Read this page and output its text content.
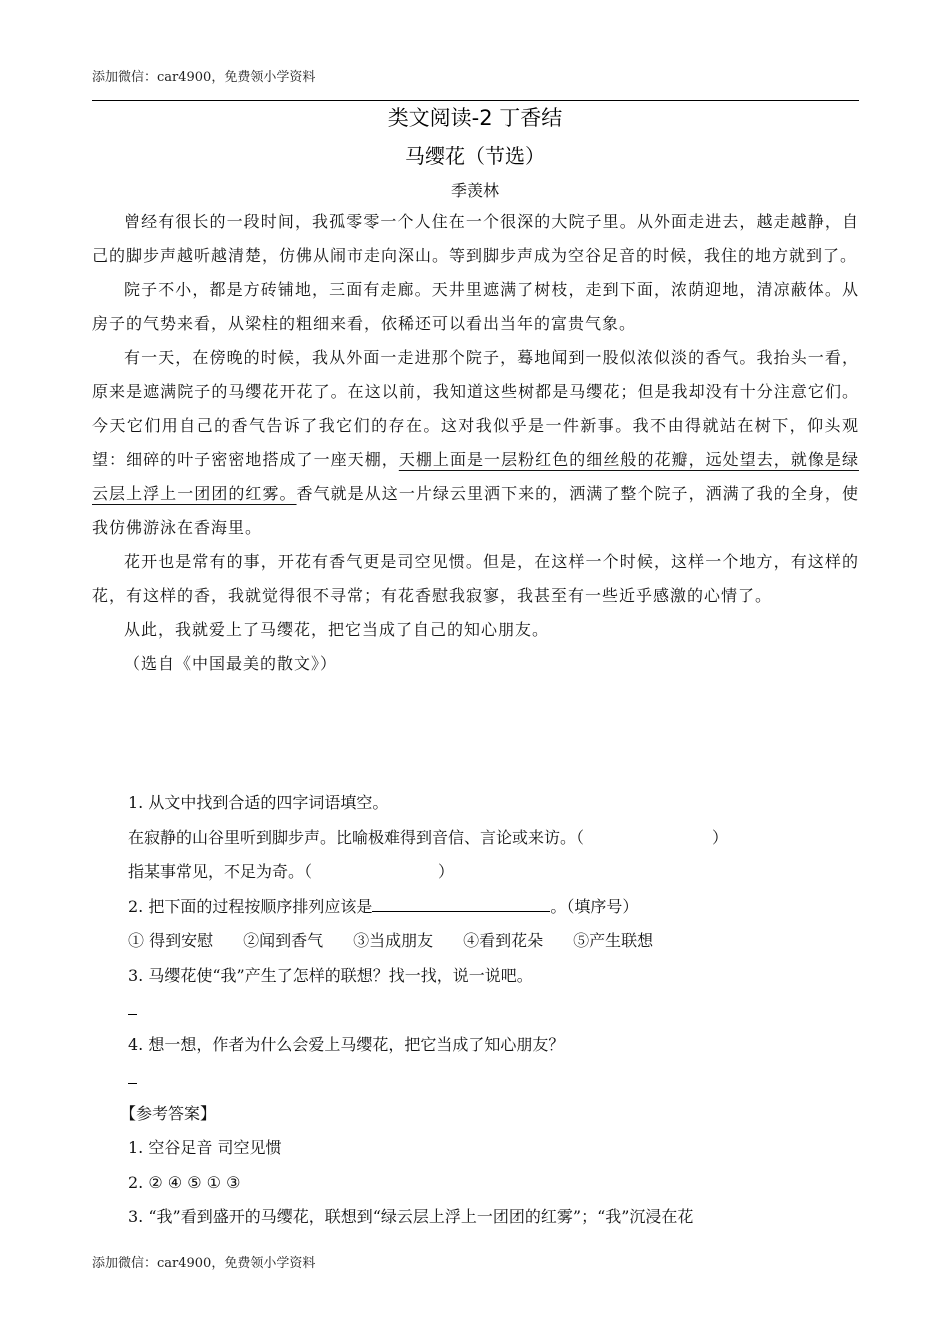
添加微信：car4900，免费领小学资料
类文阅读-2 丁香结
马缨花（节选）
季羡林

曾经有很长的一段时间，我孤零零一个人住在一个很深的大院子里。从外面走进去，越走越静，自己的脚步声越听越清楚，仿佛从闹市走向深山。等到脚步声成为空谷足音的时候，我住的地方就到了。

院子不小，都是方砖铺地，三面有走廊。天井里遮满了树枝，走到下面，浓荫迎地，清凉蔽体。从房子的气势来看，从梁柱的粗细来看，依稀还可以看出当年的富贵气象。

有一天，在傍晚的时候，我从外面一走进那个院子，蓦地闻到一股似浓似淡的香气。我抬头一看，原来是遮满院子的马缨花开花了。在这以前，我知道这些树都是马缨花；但是我却没有十分注意它们。今天它们用自己的香气告诉了我它们的存在。这对我似乎是一件新事。我不由得就站在树下，仰头观望：细碎的叶子密密地搭成了一座天棚，天棚上面是一层粉红色的细丝般的花瓣，远处望去，就像是绿云层上浮上一团团的红雾。香气就是从这一片绿云里洒下来的，洒满了整个院子，洒满了我的全身，使我仿佛游泳在香海里。

花开也是常有的事，开花有香气更是司空见惯。但是，在这样一个时候，这样一个地方，有这样的花，有这样的香，我就觉得很不寻常；有花香慰我寂寥，我甚至有一些近乎感激的心情了。

从此，我就爱上了马缨花，把它当成了自己的知心朋友。

（选自《中国最美的散文》）

1. 从文中找到合适的四字词语填空。
在寂静的山谷里听到脚步声。比喻极难得到音信、言论或来访。（	）
指某事常见，不足为奇。（	）
2. 把下面的过程按顺序排列应该是	。（填序号）
① 得到安慰 ②闻到香气 ③当成朋友 ④看到花朵 ⑤产生联想
3. 马缨花使“我”产生了怎样的联想？找一找，说一说吧。
4. 想一想，作者为什么会爱上马缨花，把它当成了知心朋友？
【参考答案】
1. 空谷足音 司空见惯
2. ② ④ ⑤ ① ③
3. “我”看到盛开的马缨花，联想到“绿云层上浮上一团团的红雾”；“我”沉浸在花
添加微信：car4900，免费领小学资料
